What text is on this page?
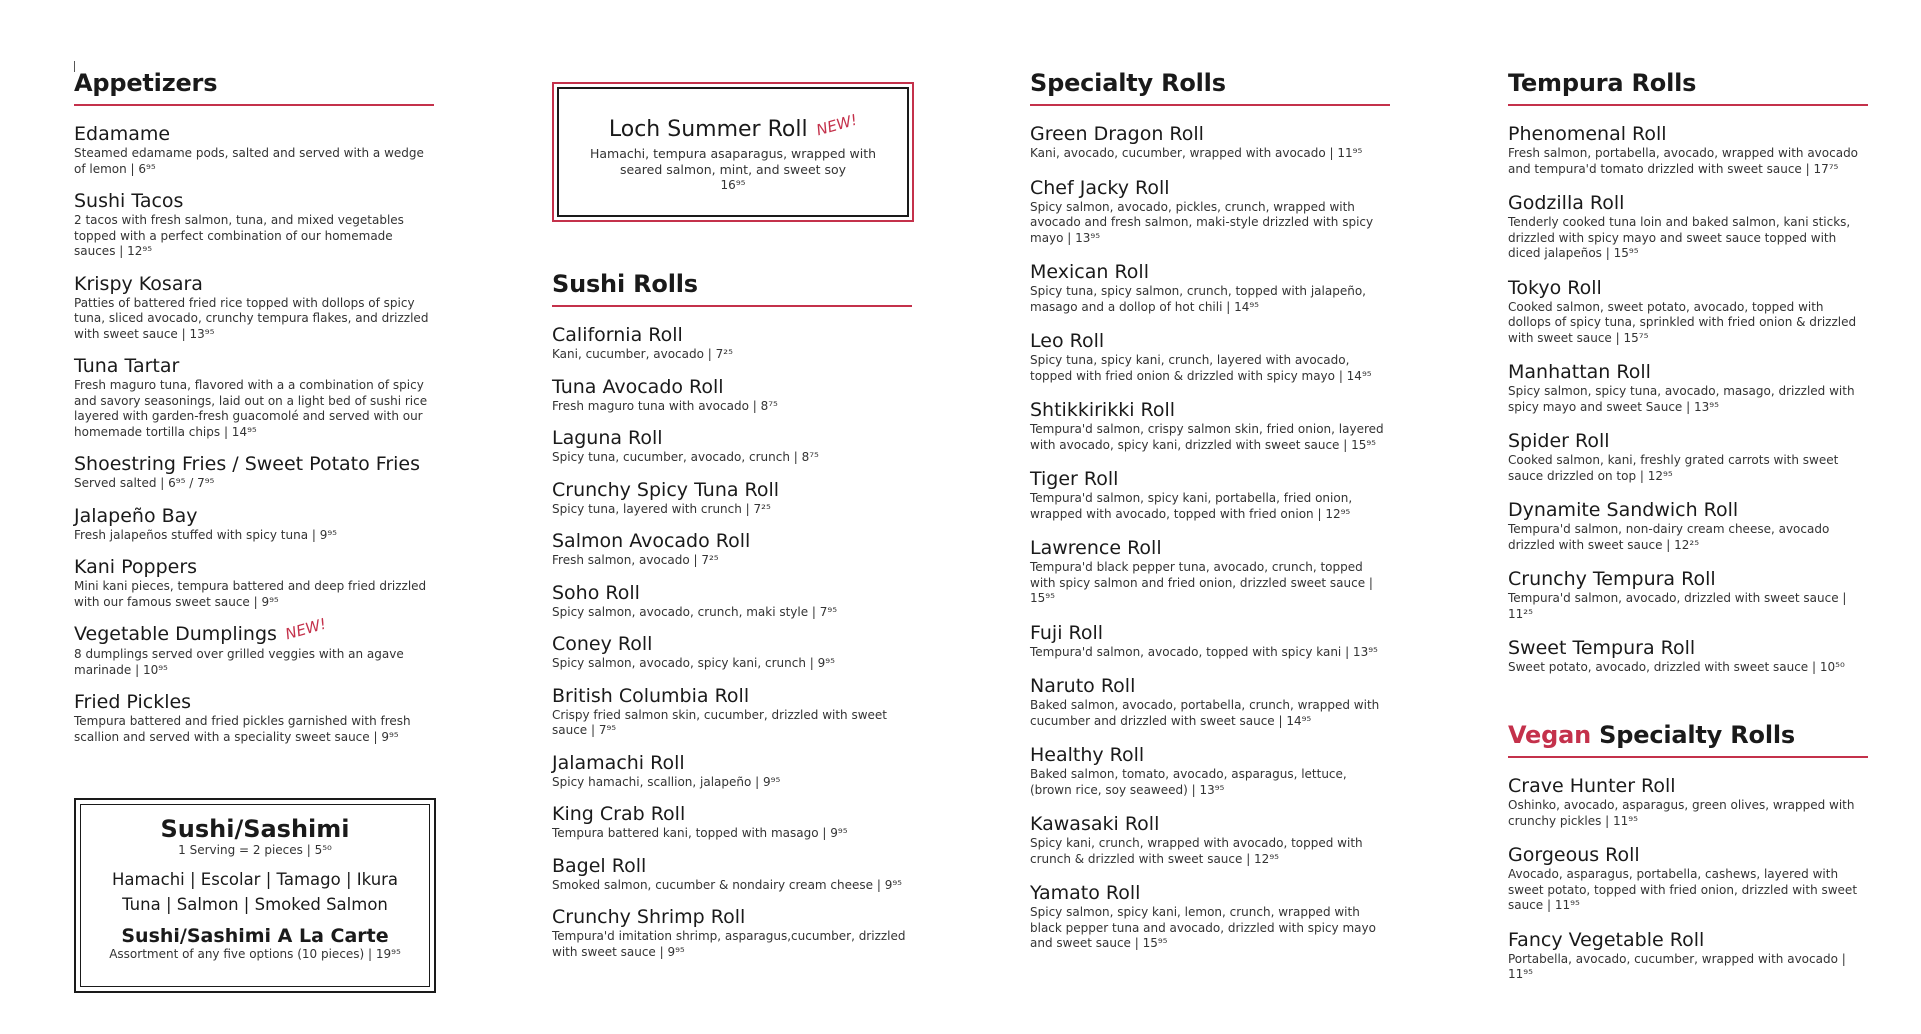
Appetizers
Edamame
Steamed edamame pods, salted and served with a wedge of lemon | 6⁹⁵
Sushi Tacos
2 tacos with fresh salmon, tuna, and mixed vegetables topped with a perfect combination of our homemade sauces | 12⁹⁵
Krispy Kosara
Patties of battered fried rice topped with dollops of spicy tuna, sliced avocado, crunchy tempura flakes, and drizzled with sweet sauce | 13⁹⁵
Tuna Tartar
Fresh maguro tuna, flavored with a a combination of spicy and savory seasonings, laid out on a light bed of sushi rice layered with garden-fresh guacomolé and served with our homemade tortilla chips | 14⁹⁵
Shoestring Fries / Sweet Potato Fries
Served salted | 6⁹⁵ / 7⁹⁵
Jalapeño Bay
Fresh jalapeños stuffed with spicy tuna | 9⁹⁵
Kani Poppers
Mini kani pieces, tempura battered and deep fried drizzled with our famous sweet sauce | 9⁹⁵
Vegetable Dumplings NEW!
8 dumplings served over grilled veggies with an agave marinade | 10⁹⁵
Fried Pickles
Tempura battered and fried pickles garnished with fresh scallion and served with a speciality sweet sauce | 9⁹⁵
Sushi/Sashimi
1 Serving = 2 pieces | 5⁵⁰
Hamachi | Escolar | Tamago | Ikura
Tuna | Salmon | Smoked Salmon
Sushi/Sashimi A La Carte
Assortment of any five options (10 pieces) | 19⁹⁵
Loch Summer Roll NEW!
Hamachi, tempura asaparagus, wrapped with seared salmon, mint, and sweet soy
16⁹⁵
Sushi Rolls
California Roll
Kani, cucumber, avocado | 7²⁵
Tuna Avocado Roll
Fresh maguro tuna with avocado | 8⁷⁵
Laguna Roll
Spicy tuna, cucumber, avocado, crunch | 8⁷⁵
Crunchy Spicy Tuna Roll
Spicy tuna, layered with crunch | 7²⁵
Salmon Avocado Roll
Fresh salmon, avocado | 7²⁵
Soho Roll
Spicy salmon, avocado, crunch, maki style | 7⁹⁵
Coney Roll
Spicy salmon, avocado, spicy kani, crunch | 9⁹⁵
British Columbia Roll
Crispy fried salmon skin, cucumber, drizzled with sweet sauce | 7⁹⁵
Jalamachi Roll
Spicy hamachi, scallion, jalapeño | 9⁹⁵
King Crab Roll
Tempura battered kani, topped with masago | 9⁹⁵
Bagel Roll
Smoked salmon, cucumber & nondairy cream cheese | 9⁹⁵
Crunchy Shrimp Roll
Tempura'd imitation shrimp, asparagus,cucumber, drizzled with sweet sauce | 9⁹⁵
Specialty Rolls
Green Dragon Roll
Kani, avocado, cucumber, wrapped with avocado | 11⁹⁵
Chef Jacky Roll
Spicy salmon, avocado, pickles, crunch, wrapped with avocado and fresh salmon, maki-style drizzled with spicy mayo | 13⁹⁵
Mexican Roll
Spicy tuna, spicy salmon, crunch, topped with jalapeño, masago and a dollop of hot chili | 14⁹⁵
Leo Roll
Spicy tuna, spicy kani, crunch, layered with avocado, topped with fried onion & drizzled with spicy mayo | 14⁹⁵
Shtikkirikki Roll
Tempura'd salmon, crispy salmon skin, fried onion, layered with avocado, spicy kani, drizzled with sweet sauce | 15⁹⁵
Tiger Roll
Tempura'd salmon, spicy kani, portabella, fried onion, wrapped with avocado, topped with fried onion | 12⁹⁵
Lawrence Roll
Tempura'd black pepper tuna, avocado, crunch, topped with spicy salmon and fried onion, drizzled sweet sauce | 15⁹⁵
Fuji Roll
Tempura'd salmon, avocado, topped with spicy kani | 13⁹⁵
Naruto Roll
Baked salmon, avocado, portabella, crunch, wrapped with cucumber and drizzled with sweet sauce | 14⁹⁵
Healthy Roll
Baked salmon, tomato, avocado, asparagus, lettuce, (brown rice, soy seaweed) | 13⁹⁵
Kawasaki Roll
Spicy kani, crunch, wrapped with avocado, topped with crunch & drizzled with sweet sauce | 12⁹⁵
Yamato Roll
Spicy salmon, spicy kani, lemon, crunch, wrapped with black pepper tuna and avocado, drizzled with spicy mayo and sweet sauce | 15⁹⁵
Tempura Rolls
Phenomenal Roll
Fresh salmon, portabella, avocado, wrapped with avocado and tempura'd tomato drizzled with sweet sauce | 17⁷⁵
Godzilla Roll
Tenderly cooked tuna loin and baked salmon, kani sticks, drizzled with spicy mayo and sweet sauce topped with diced jalapeños | 15⁹⁵
Tokyo Roll
Cooked salmon, sweet potato, avocado, topped with dollops of spicy tuna, sprinkled with fried onion & drizzled with sweet sauce | 15⁷⁵
Manhattan Roll
Spicy salmon, spicy tuna, avocado, masago, drizzled with spicy mayo and sweet Sauce | 13⁹⁵
Spider Roll
Cooked salmon, kani, freshly grated carrots with sweet sauce drizzled on top | 12⁹⁵
Dynamite Sandwich Roll
Tempura'd salmon, non-dairy cream cheese, avocado drizzled with sweet sauce | 12²⁵
Crunchy Tempura Roll
Tempura'd salmon, avocado, drizzled with sweet sauce | 11²⁵
Sweet Tempura Roll
Sweet potato, avocado, drizzled with sweet sauce | 10⁵⁰
Vegan Specialty Rolls
Crave Hunter Roll
Oshinko, avocado, asparagus, green olives, wrapped with crunchy pickles | 11⁹⁵
Gorgeous Roll
Avocado, asparagus, portabella, cashews, layered with sweet potato, topped with fried onion, drizzled with sweet sauce | 11⁹⁵
Fancy Vegetable Roll
Portabella, avocado, cucumber, wrapped with avocado | 11⁹⁵
